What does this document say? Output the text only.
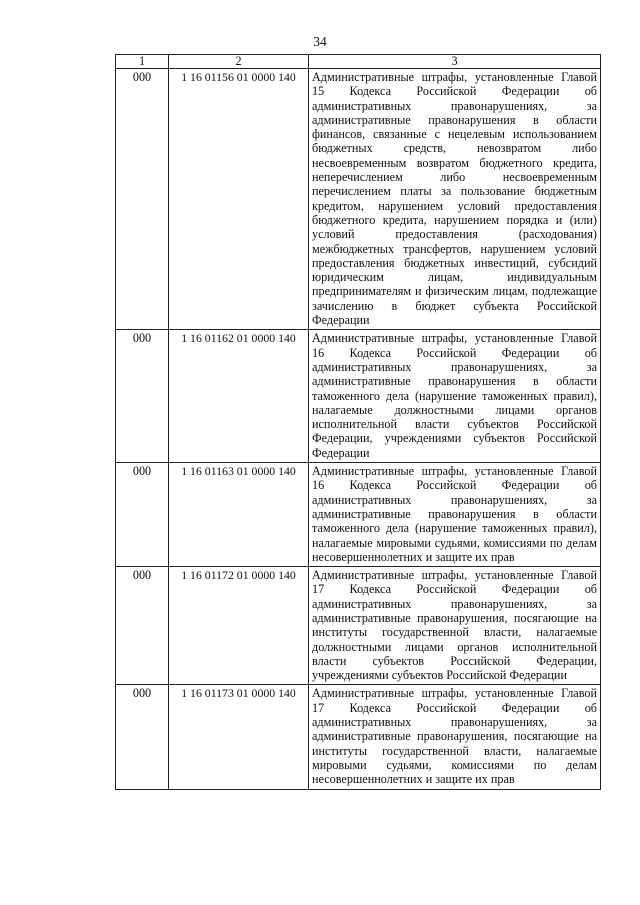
34
1	2	3
000	1 16 01156 01 0000 140	Административные штрафы, установленные Главой 15 Кодекса Российской Федерации об административных правонарушениях, за административные правонарушения в области финансов, связанные с нецелевым использованием бюджетных средств, невозвратом либо несвоевременным возвратом бюджетного кредита, неперечислением либо несвоевременным перечислением платы за пользование бюджетным кредитом, нарушением условий предоставления бюджетного кредита, нарушением порядка и (или) условий предоставления (расходования) межбюджетных трансфертов, нарушением условий предоставления бюджетных инвестиций, субсидий юридическим лицам, индивидуальным предпринимателям и физическим лицам, подлежащие зачислению в бюджет субъекта Российской Федерации

000	1 16 01162 01 0000 140	Административные штрафы, установленные Главой 16 Кодекса Российской Федерации об административных правонарушениях, за административные правонарушения в области таможенного дела (нарушение таможенных правил), налагаемые должностными лицами органов исполнительной власти субъектов Российской Федерации, учреждениями субъектов Российской Федерации

000	1 16 01163 01 0000 140	Административные штрафы, установленные Главой 16 Кодекса Российской Федерации об административных правонарушениях, за административные правонарушения в области таможенного дела (нарушение таможенных правил), налагаемые мировыми судьями, комиссиями по делам несовершеннолетних и защите их прав

000	1 16 01172 01 0000 140	Административные штрафы, установленные Главой 17 Кодекса Российской Федерации об административных правонарушениях, за административные правонарушения, посягающие на институты государственной власти, налагаемые должностными лицами органов исполнительной власти субъектов Российской Федерации, учреждениями субъектов Российской Федерации

000	1 16 01173 01 0000 140	Административные штрафы, установленные Главой 17 Кодекса Российской Федерации об административных правонарушениях, за административные правонарушения, посягающие на институты государственной власти, налагаемые мировыми судьями, комиссиями по делам несовершеннолетних и защите их прав
